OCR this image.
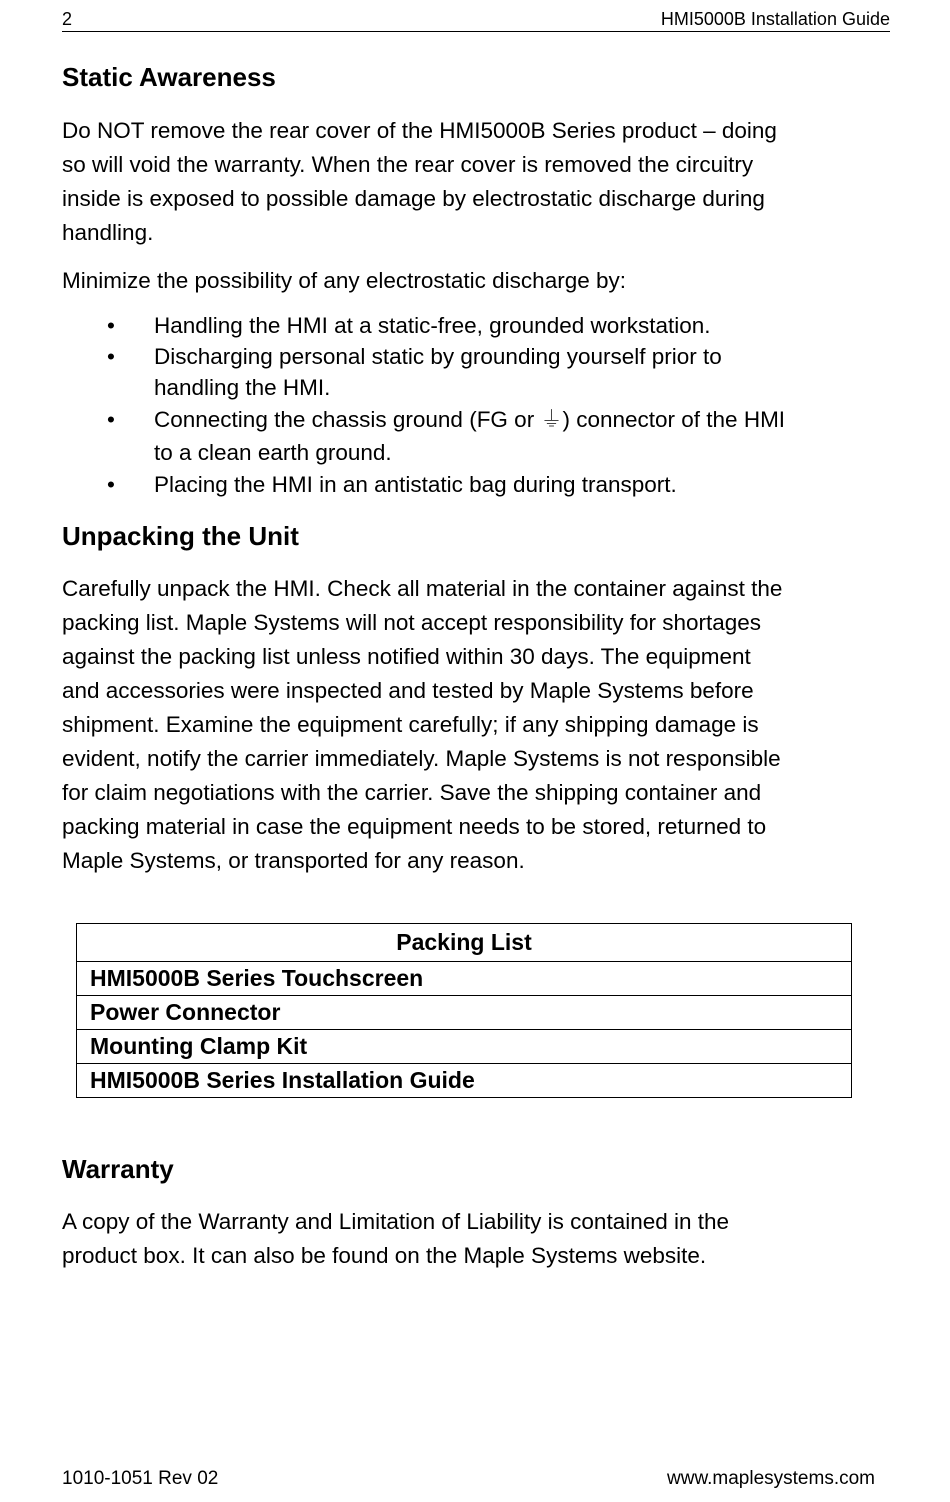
2	HMI5000B Installation Guide
Static Awareness
Do NOT remove the rear cover of the HMI5000B Series product – doing
so will void the warranty. When the rear cover is removed the circuitry
inside is exposed to possible damage by electrostatic discharge during
handling.
Minimize the possibility of any electrostatic discharge by:
• Handling the HMI at a static-free, grounded workstation.
• Discharging personal static by grounding yourself prior to
handling the HMI.
• Connecting the chassis ground (FG or ⏚) connector of the HMI
to a clean earth ground.
• Placing the HMI in an antistatic bag during transport.
Unpacking the Unit
Carefully unpack the HMI. Check all material in the container against the
packing list. Maple Systems will not accept responsibility for shortages
against the packing list unless notified within 30 days. The equipment
and accessories were inspected and tested by Maple Systems before
shipment. Examine the equipment carefully; if any shipping damage is
evident, notify the carrier immediately. Maple Systems is not responsible
for claim negotiations with the carrier. Save the shipping container and
packing material in case the equipment needs to be stored, returned to
Maple Systems, or transported for any reason.
Packing List
HMI5000B Series Touchscreen
Power Connector
Mounting Clamp Kit
HMI5000B Series Installation Guide
Warranty
A copy of the Warranty and Limitation of Liability is contained in the
product box. It can also be found on the Maple Systems website.
1010-1051 Rev 02	www.maplesystems.com
